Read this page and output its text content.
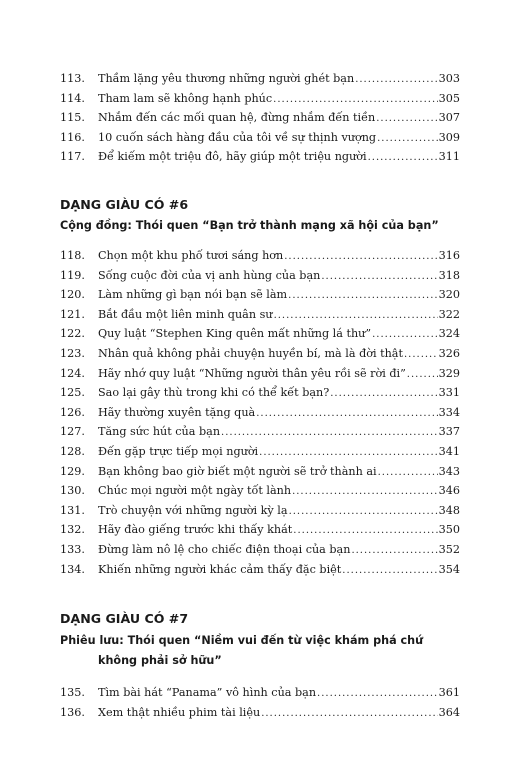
113.	Thầm lặng yêu thương những người ghét bạn .....	303
114.	Tham lam sẽ không hạnh phúc .....	305
115.	Nhắm đến các mối quan hệ, đừng nhắm đến tiền .....	307
116.	10 cuốn sách hàng đầu của tôi về sự thịnh vượng .....	309
117.	Để kiếm một triệu đô, hãy giúp một triệu người .....	311
DẠNG GIÀU CÓ #6
Cộng đồng: Thói quen “Bạn trở thành mạng xã hội của bạn”
118.	Chọn một khu phố tươi sáng hơn .....	316
119.	Sống cuộc đời của vị anh hùng của bạn .....	318
120.	Làm những gì bạn nói bạn sẽ làm .....	320
121.	Bắt đầu một liên minh quân sư .....	322
122.	Quy luật “Stephen King quên mất những lá thư” .....	324
123.	Nhân quả không phải chuyện huyền bí, mà là đời thật .....	326
124.	Hãy nhớ quy luật “Những người thân yêu rồi sẽ rời đi” .....	329
125.	Sao lại gây thù trong khi có thể kết bạn? .....	331
126.	Hãy thường xuyên tặng quà .....	334
127.	Tăng sức hút của bạn .....	337
128.	Đến gặp trực tiếp mọi người .....	341
129.	Bạn không bao giờ biết một người sẽ trở thành ai .....	343
130.	Chúc mọi người một ngày tốt lành .....	346
131.	Trò chuyện với những người kỳ lạ .....	348
132.	Hãy đào giếng trước khi thấy khát .....	350
133.	Đừng làm nô lệ cho chiếc điện thoại của bạn .....	352
134.	Khiến những người khác cảm thấy đặc biệt .....	354
DẠNG GIÀU CÓ #7
Phiêu lưu: Thói quen “Niềm vui đến từ việc khám phá chứ
không phải sở hữu”
135.	Tìm bài hát “Panama” vô hình của bạn .....	361
136.	Xem thật nhiều phim tài liệu .....	364
